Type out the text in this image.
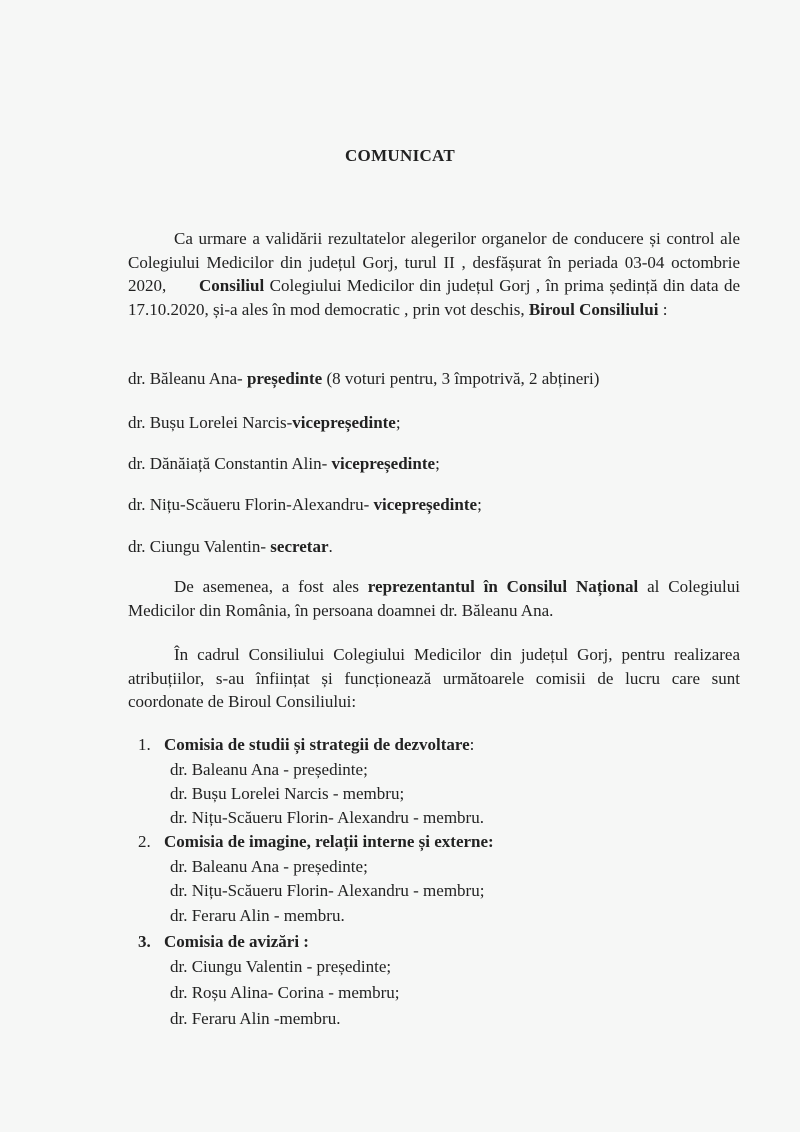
COMUNICAT
Ca urmare a validării rezultatelor alegerilor organelor de conducere și control ale Colegiului Medicilor din județul Gorj, turul II , desfășurat în periada 03-04 octombrie 2020, Consiliul Colegiului Medicilor din județul Gorj , în prima ședință din data de 17.10.2020, și-a ales în mod democratic , prin vot deschis, Biroul Consiliului :
dr. Băleanu Ana- președinte (8 voturi pentru, 3 împotrivă, 2 abțineri)
dr. Bușu Lorelei Narcis-vicepreședinte;
dr. Dănăiață Constantin Alin- vicepreședinte;
dr. Nițu-Scăueru Florin-Alexandru- vicepreședinte;
dr. Ciungu Valentin- secretar.
De asemenea, a fost ales reprezentantul în Consilul Național al Colegiului Medicilor din România, în persoana doamnei dr. Băleanu Ana.
În cadrul Consiliului Colegiului Medicilor din județul Gorj, pentru realizarea atribuțiilor, s-au înființat și funcționează următoarele comisii de lucru care sunt coordonate de Biroul Consiliului:
1. Comisia de studii și strategii de dezvoltare:
dr. Baleanu Ana - președinte;
dr. Bușu Lorelei Narcis - membru;
dr. Nițu-Scăueru Florin- Alexandru - membru.
2. Comisia de imagine, relații interne și externe:
dr. Baleanu Ana - președinte;
dr. Nițu-Scăueru Florin- Alexandru - membru;
dr. Feraru Alin - membru.
3. Comisia de avizări :
dr. Ciungu Valentin - președinte;
dr. Roșu Alina- Corina - membru;
dr. Feraru Alin -membru.
